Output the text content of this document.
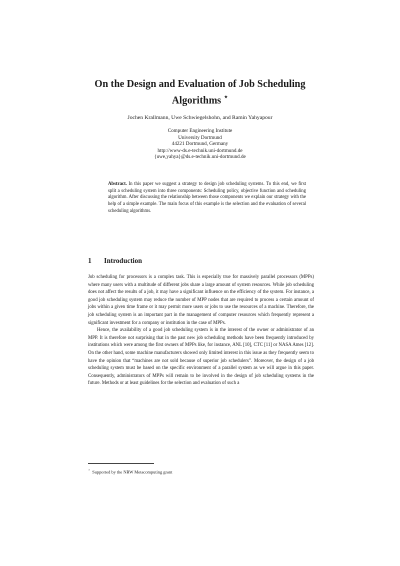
On the Design and Evaluation of Job Scheduling
Algorithms ⋆
Jochen Krallmann, Uwe Schwiegelshohn, and Ramin Yahyapour
Computer Engineering Institute
University Dortmund
44221 Dortmund, Germany
http://www-ds.e-technik.uni-dortmund.de
{uwe,yahya}@ds.e-technik.uni-dortmund.de
Abstract. In this paper we suggest a strategy to design job scheduling systems. To this end, we first split a scheduling system into three components: Scheduling policy, objective function and scheduling algorithm. After discussing the relationship between those components we explain our strategy with the help of a simple example. The main focus of this example is the selection and the evaluation of several scheduling algorithms.
1 Introduction

Job scheduling for processors is a complex task. This is especially true for massively parallel processors (MPPs) where many users with a multitude of different jobs share a large amount of system resources. While job scheduling does not affect the results of a job, it may have a significant influence on the efficiency of the system. For instance, a good job scheduling system may reduce the number of MPP nodes that are required to process a certain amount of jobs within a given time frame or it may permit more users or jobs to use the resources of a machine. Therefore, the job scheduling system is an important part in the management of computer resources which frequently represent a significant investment for a company or institution in the case of MPPs.

Hence, the availability of a good job scheduling system is in the interest of the owner or administrator of an MPP. It is therefore not surprising that in the past new job scheduling methods have been frequently introduced by institutions which were among the first owners of MPPs like, for instance, ANL [10], CTC [11] or NASA Ames [12]. On the other hand, some machine manufacturers showed only limited interest in this issue as they frequently seem to have the opinion that “machines are not sold because of superior job schedulers”. Moreover, the design of a job scheduling system must be based on the specific environment of a parallel system as we will argue in this paper. Consequently, administrators of MPPs will remain to be involved in the design of job scheduling systems in the future. Methods or at least guidelines for the selection and evaluation of such a

⋆ Supported by the NRW Metacomputing grant
